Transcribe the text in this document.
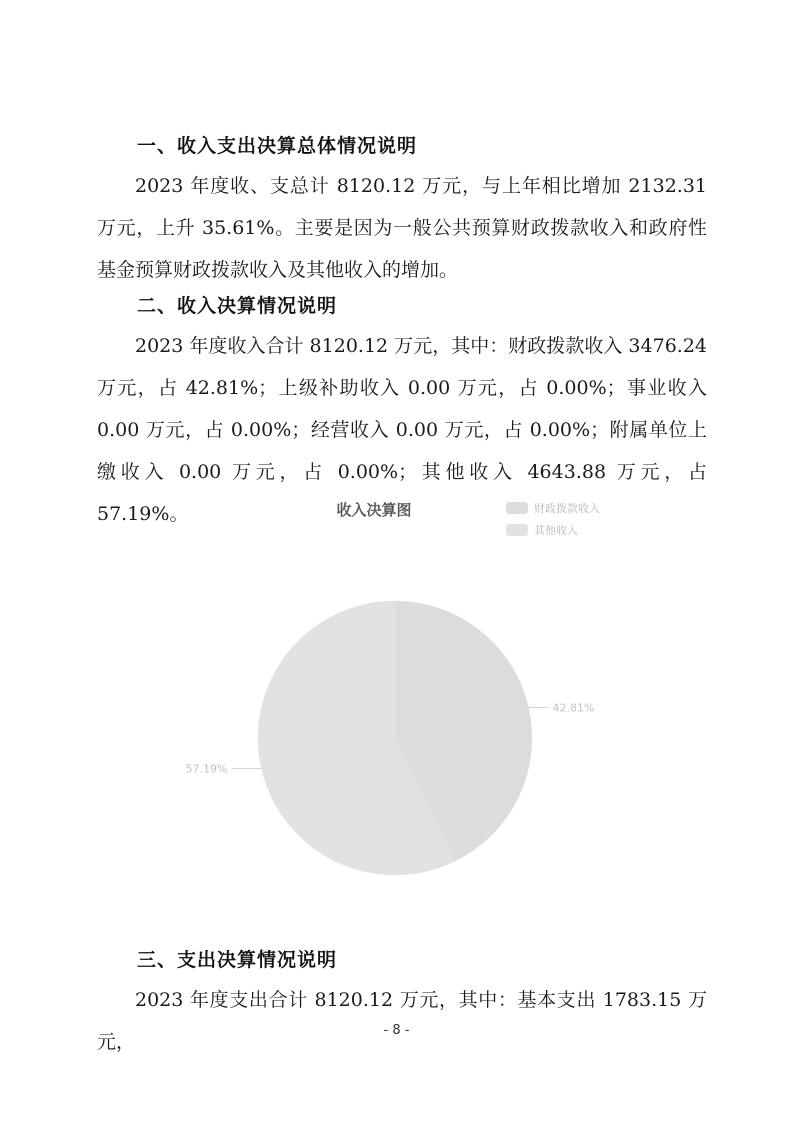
一、收入支出决算总体情况说明
2023 年度收、支总计 8120.12 万元，与上年相比增加 2132.31 万元，上升 35.61%。主要是因为一般公共预算财政拨款收入和政府性基金预算财政拨款收入及其他收入的增加。
二、收入决算情况说明
2023 年度收入合计 8120.12 万元，其中：财政拨款收入 3476.24 万元，占 42.81%；上级补助收入 0.00 万元，占 0.00%；事业收入 0.00 万元，占 0.00%；经营收入 0.00 万元，占 0.00%；附属单位上缴收入 0.00 万元，占 0.00%；其他收入 4643.88 万元，占 57.19%。	收入决算图	财政拨款收入
其他收入
42.81%
57.19%
三、支出决算情况说明
2023 年度支出合计 8120.12 万元，其中：基本支出 1783.15 万元，
- 8 -
